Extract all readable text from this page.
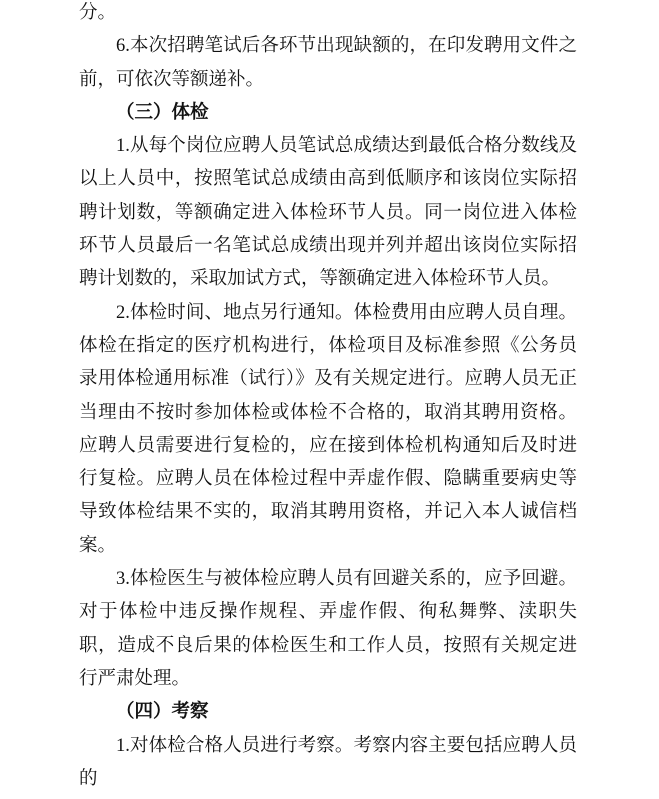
分。

6.本次招聘笔试后各环节出现缺额的，在印发聘用文件之前，可依次等额递补。

（三）体检

1.从每个岗位应聘人员笔试总成绩达到最低合格分数线及以上人员中，按照笔试总成绩由高到低顺序和该岗位实际招聘计划数，等额确定进入体检环节人员。同一岗位进入体检环节人员最后一名笔试总成绩出现并列并超出该岗位实际招聘计划数的，采取加试方式，等额确定进入体检环节人员。

2.体检时间、地点另行通知。体检费用由应聘人员自理。体检在指定的医疗机构进行，体检项目及标准参照《公务员录用体检通用标准（试行）》及有关规定进行。应聘人员无正当理由不按时参加体检或体检不合格的，取消其聘用资格。应聘人员需要进行复检的，应在接到体检机构通知后及时进行复检。应聘人员在体检过程中弄虚作假、隐瞒重要病史等导致体检结果不实的，取消其聘用资格，并记入本人诚信档案。

3.体检医生与被体检应聘人员有回避关系的，应予回避。对于体检中违反操作规程、弄虚作假、徇私舞弊、渎职失职，造成不良后果的体检医生和工作人员，按照有关规定进行严肃处理。

（四）考察

1.对体检合格人员进行考察。考察内容主要包括应聘人员的
